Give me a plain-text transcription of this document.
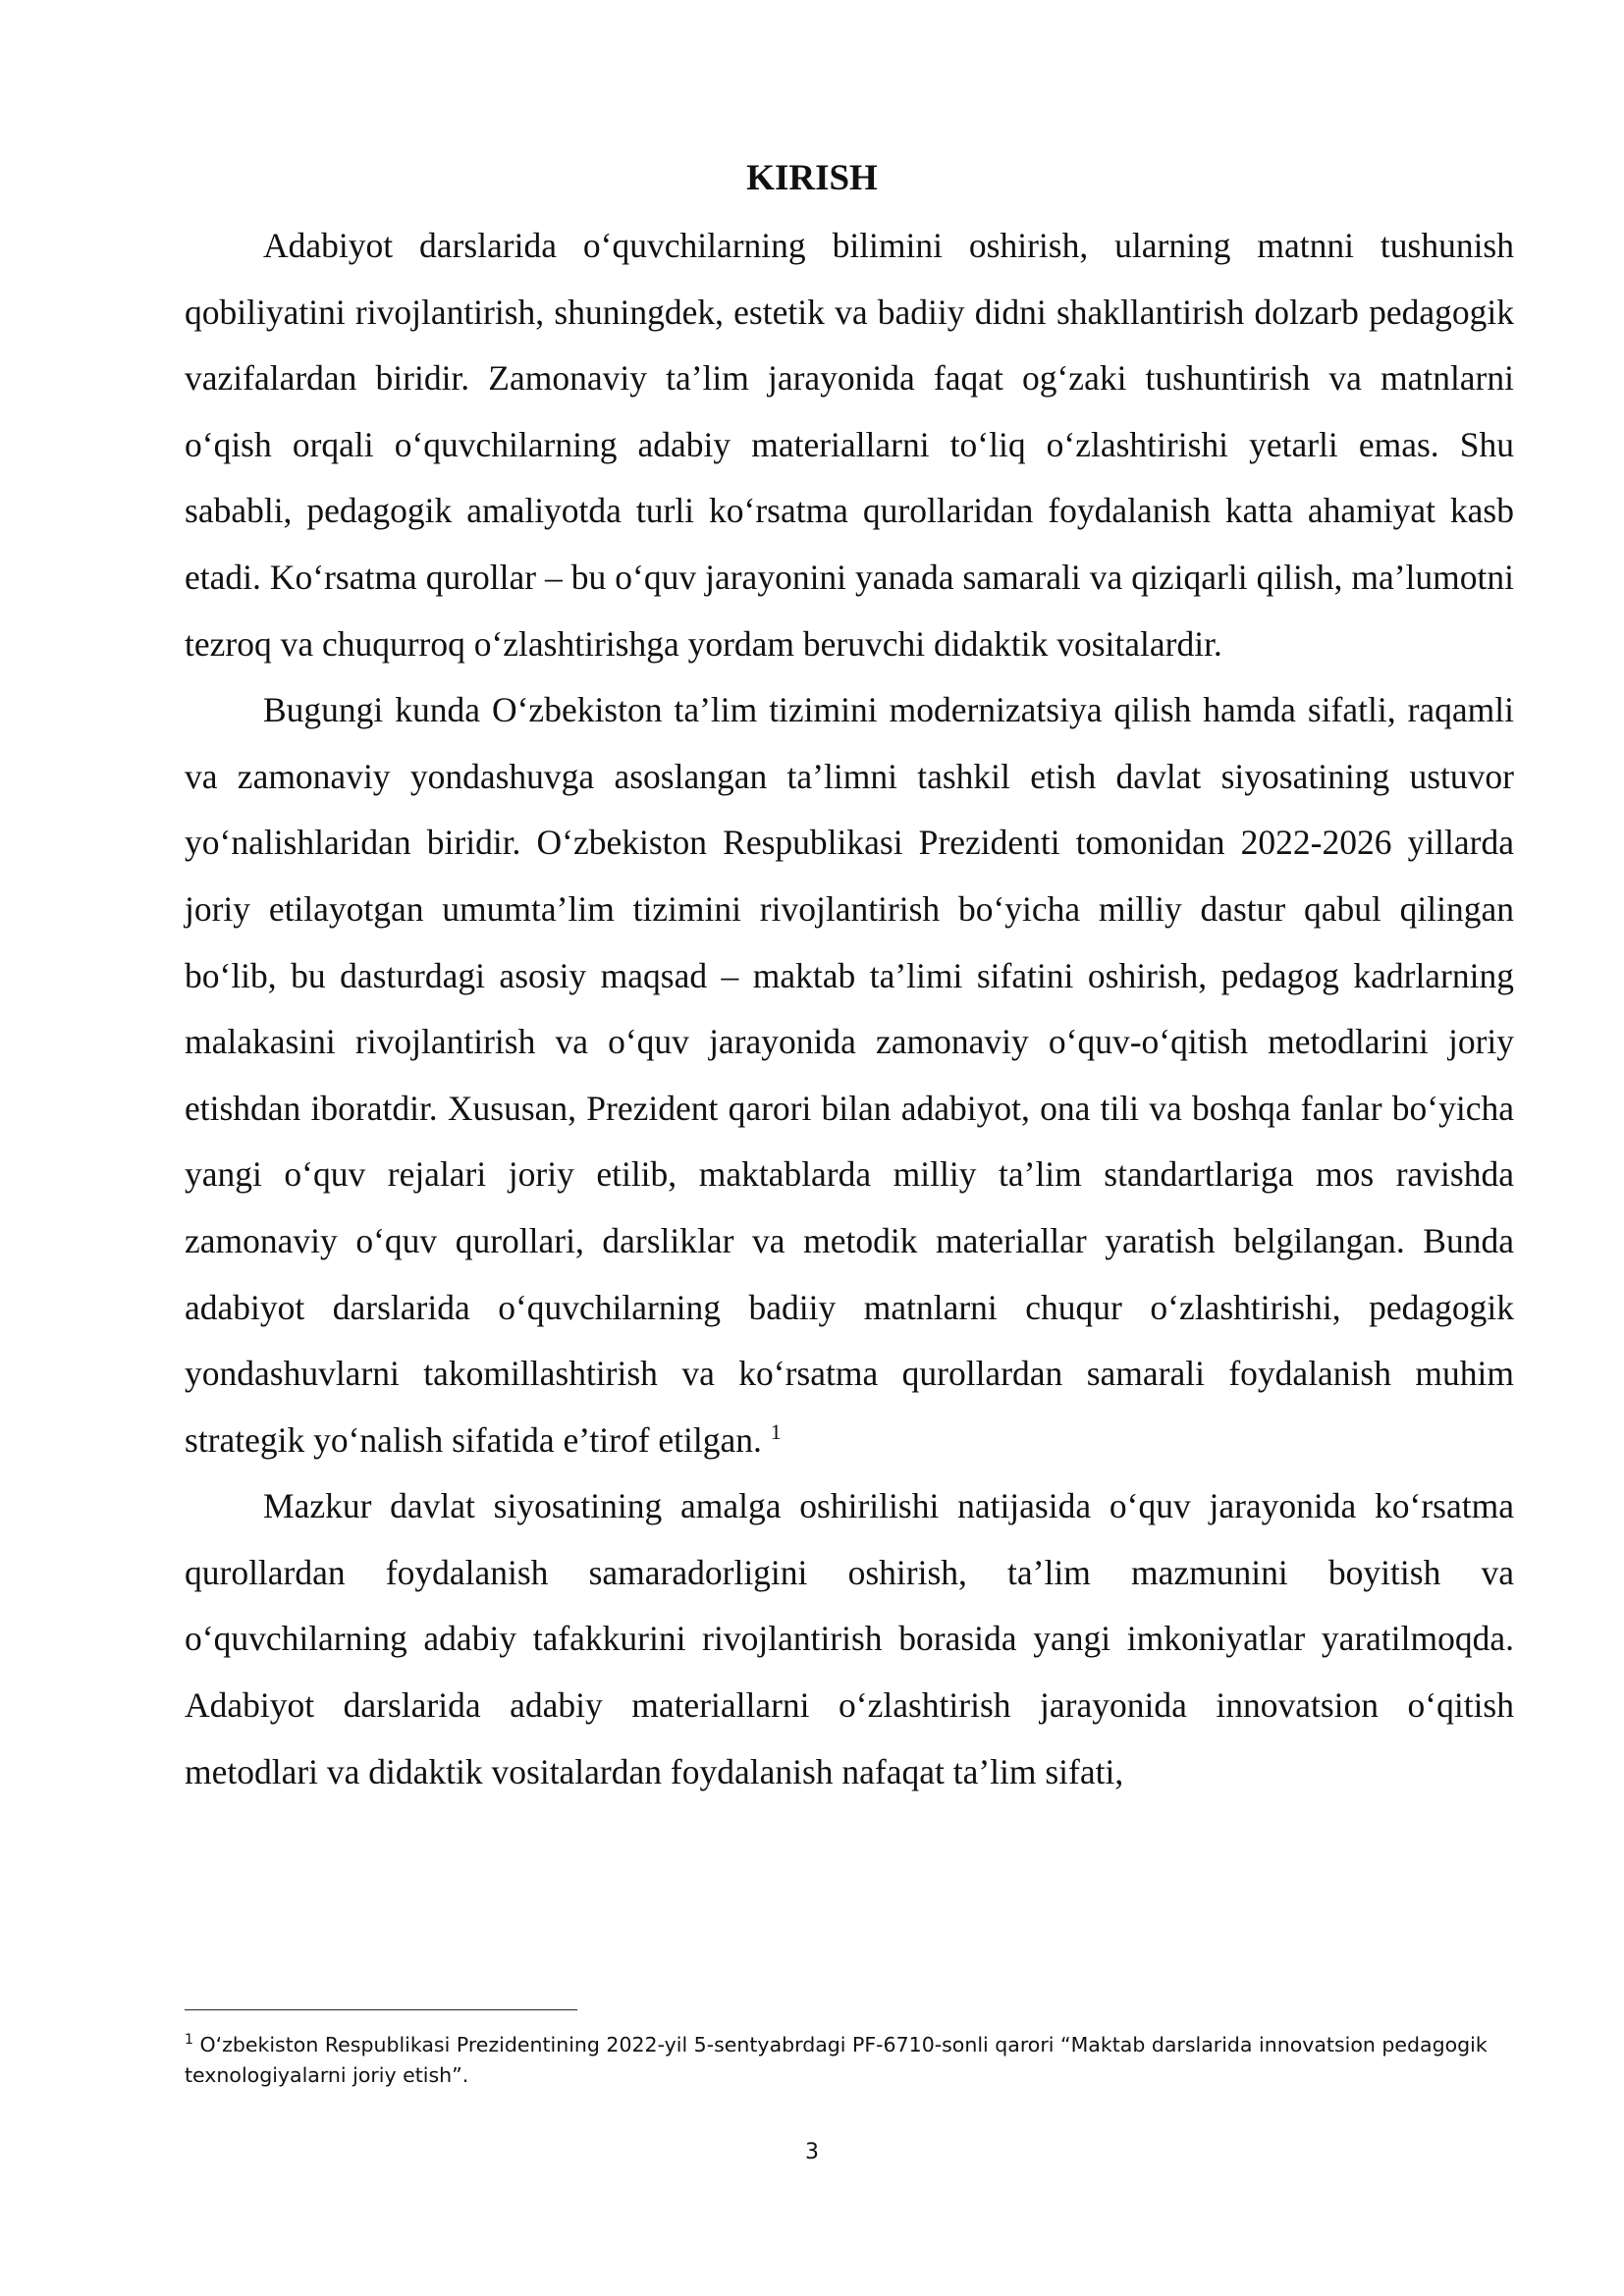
KIRISH

Adabiyot darslarida o‘quvchilarning bilimini oshirish, ularning matnni tushunish qobiliyatini rivojlantirish, shuningdek, estetik va badiiy didni shakllantirish dolzarb pedagogik vazifalardan biridir. Zamonaviy ta’lim jarayonida faqat og‘zaki tushuntirish va matnlarni o‘qish orqali o‘quvchilarning adabiy materiallarni to‘liq o‘zlashtirishi yetarli emas. Shu sababli, pedagogik amaliyotda turli ko‘rsatma qurollaridan foydalanish katta ahamiyat kasb etadi. Ko‘rsatma qurollar – bu o‘quv jarayonini yanada samarali va qiziqarli qilish, ma’lumotni tezroq va chuqurroq o‘zlashtirishga yordam beruvchi didaktik vositalardir.

Bugungi kunda O‘zbekiston ta’lim tizimini modernizatsiya qilish hamda sifatli, raqamli va zamonaviy yondashuvga asoslangan ta’limni tashkil etish davlat siyosatining ustuvor yo‘nalishlaridan biridir. O‘zbekiston Respublikasi Prezidenti tomonidan 2022-2026 yillarda joriy etilayotgan umumta’lim tizimini rivojlantirish bo‘yicha milliy dastur qabul qilingan bo‘lib, bu dasturdagi asosiy maqsad – maktab ta’limi sifatini oshirish, pedagog kadrlarning malakasini rivojlantirish va o‘quv jarayonida zamonaviy o‘quv-o‘qitish metodlarini joriy etishdan iboratdir. Xususan, Prezident qarori bilan adabiyot, ona tili va boshqa fanlar bo‘yicha yangi o‘quv rejalari joriy etilib, maktablarda milliy ta’lim standartlariga mos ravishda zamonaviy o‘quv qurollari, darsliklar va metodik materiallar yaratish belgilangan. Bunda adabiyot darslarida o‘quvchilarning badiiy matnlarni chuqur o‘zlashtirishi, pedagogik yondashuvlarni takomillashtirish va ko‘rsatma qurollardan samarali foydalanish muhim strategik yo‘nalish sifatida e’tirof etilgan. $^1$

Mazkur davlat siyosatining amalga oshirilishi natijasida o‘quv jarayonida ko‘rsatma qurollardan foydalanish samaradorligini oshirish, ta’lim mazmunini boyitish va o‘quvchilarning adabiy tafakkurini rivojlantirish borasida yangi imkoniyatlar yaratilmoqda. Adabiyot darslarida adabiy materiallarni o‘zlashtirish jarayonida innovatsion o‘qitish metodlari va didaktik vositalardan foydalanish nafaqat ta’lim sifati,

$^1$ O‘zbekiston Respublikasi Prezidentining 2022-yil 5-sentyabrdagi PF-6710-sonli qarori “Maktab darslarida innovatsion pedagogik texnologiyalarni joriy etish”.

3
